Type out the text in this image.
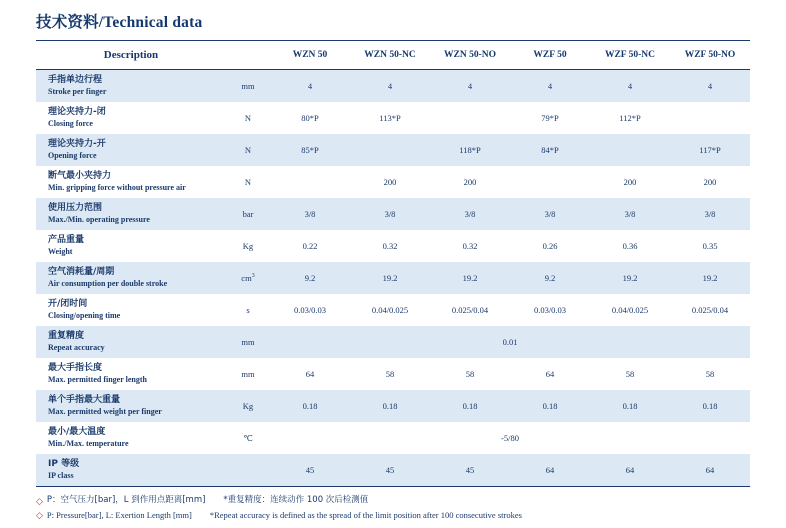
技术资料/Technical data
Description		WZN 50	WZN 50-NC	WZN 50-NO	WZF 50	WZF 50-NC	WZF 50-NO

手指单边行程
Stroke per finger	mm	4	4	4	4	4	4

理论夹持力-闭
Closing force	N	80*P	113*P		79*P	112*P	

理论夹持力-开
Opening force	N	85*P		118*P	84*P		117*P

断气最小夹持力
Min. gripping force without pressure air	N		200	200		200	200

使用压力范围
Max./Min. operating pressure	bar	3/8	3/8	3/8	3/8	3/8	3/8

产品重量
Weight	Kg	0.22	0.32	0.32	0.26	0.36	0.35

空气消耗量/周期
Air consumption per double stroke	$cm^3$	9.2	19.2	19.2	9.2	19.2	19.2

开/闭时间
Closing/opening time	s	0.03/0.03	0.04/0.025	0.025/0.04	0.03/0.03	0.04/0.025	0.025/0.04

重复精度
Repeat accuracy	mm	0.01					

最大手指长度
Max. permitted finger length	mm	64	58	58	64	58	58

单个手指最大重量
Max. permitted weight per finger	Kg	0.18	0.18	0.18	0.18	0.18	0.18

最小/最大温度
Min./Max. temperature	℃	-5/80					

IP 等级
IP class		45	45	45	64	64	64
◇ P：空气压力[bar]，L 到作用点距离[mm] *重复精度：连续动作 100 次后检测值
◇ P: Pressure[bar], L: Exertion Length [mm] *Repeat accuracy is defined as the spread of the limit position after 100 consecutive strokes
